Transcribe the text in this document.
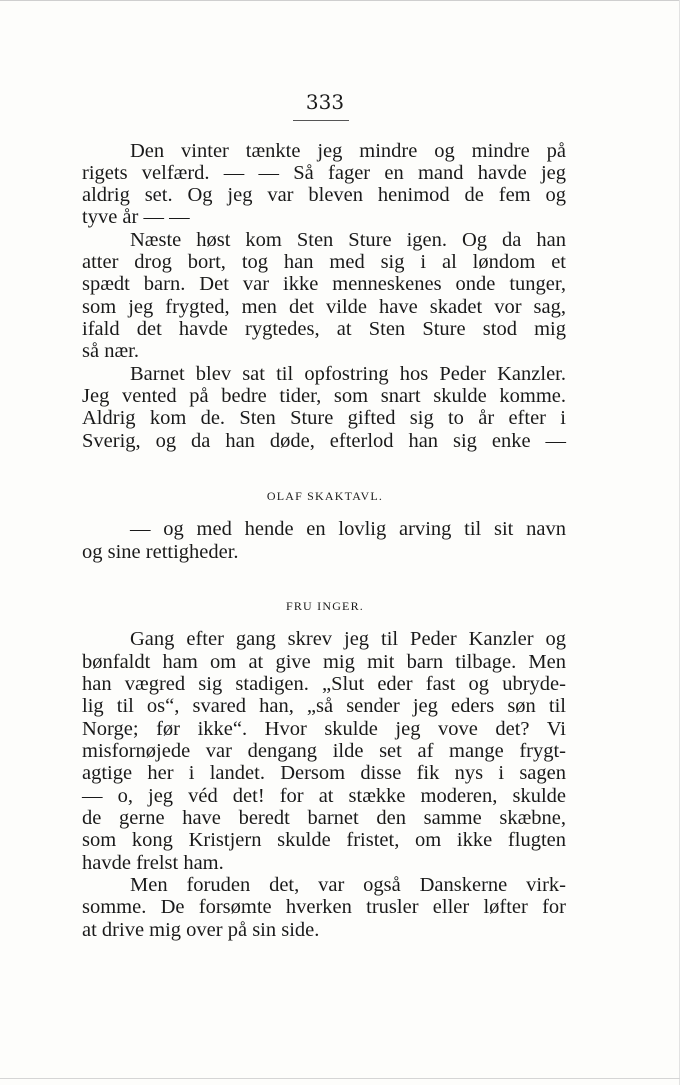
333
Den vinter tænkte jeg mindre og mindre på
rigets velfærd. — — Så fager en mand havde jeg
aldrig set. Og jeg var bleven henimod de fem og
tyve år — —
Næste høst kom Sten Sture igen. Og da han
atter drog bort, tog han med sig i al løndom et
spædt barn. Det var ikke menneskenes onde tunger,
som jeg frygted, men det vilde have skadet vor sag,
ifald det havde rygtedes, at Sten Sture stod mig
så nær.
Barnet blev sat til opfostring hos Peder Kanzler.
Jeg vented på bedre tider, som snart skulde komme.
Aldrig kom de. Sten Sture gifted sig to år efter i
Sverig, og da han døde, efterlod han sig enke —
OLAF SKAKTAVL.
— og med hende en lovlig arving til sit navn
og sine rettigheder.
FRU INGER.
Gang efter gang skrev jeg til Peder Kanzler og
bønfaldt ham om at give mig mit barn tilbage. Men
han vægred sig stadigen. „Slut eder fast og ubryde-
lig til os“, svared han, „så sender jeg eders søn til
Norge; før ikke“. Hvor skulde jeg vove det? Vi
misfornøjede var dengang ilde set af mange frygt-
agtige her i landet. Dersom disse fik nys i sagen
— o, jeg véd det! for at stække moderen, skulde
de gerne have beredt barnet den samme skæbne,
som kong Kristjern skulde fristet, om ikke flugten
havde frelst ham.
Men foruden det, var også Danskerne virk-
somme. De forsømte hverken trusler eller løfter for
at drive mig over på sin side.
